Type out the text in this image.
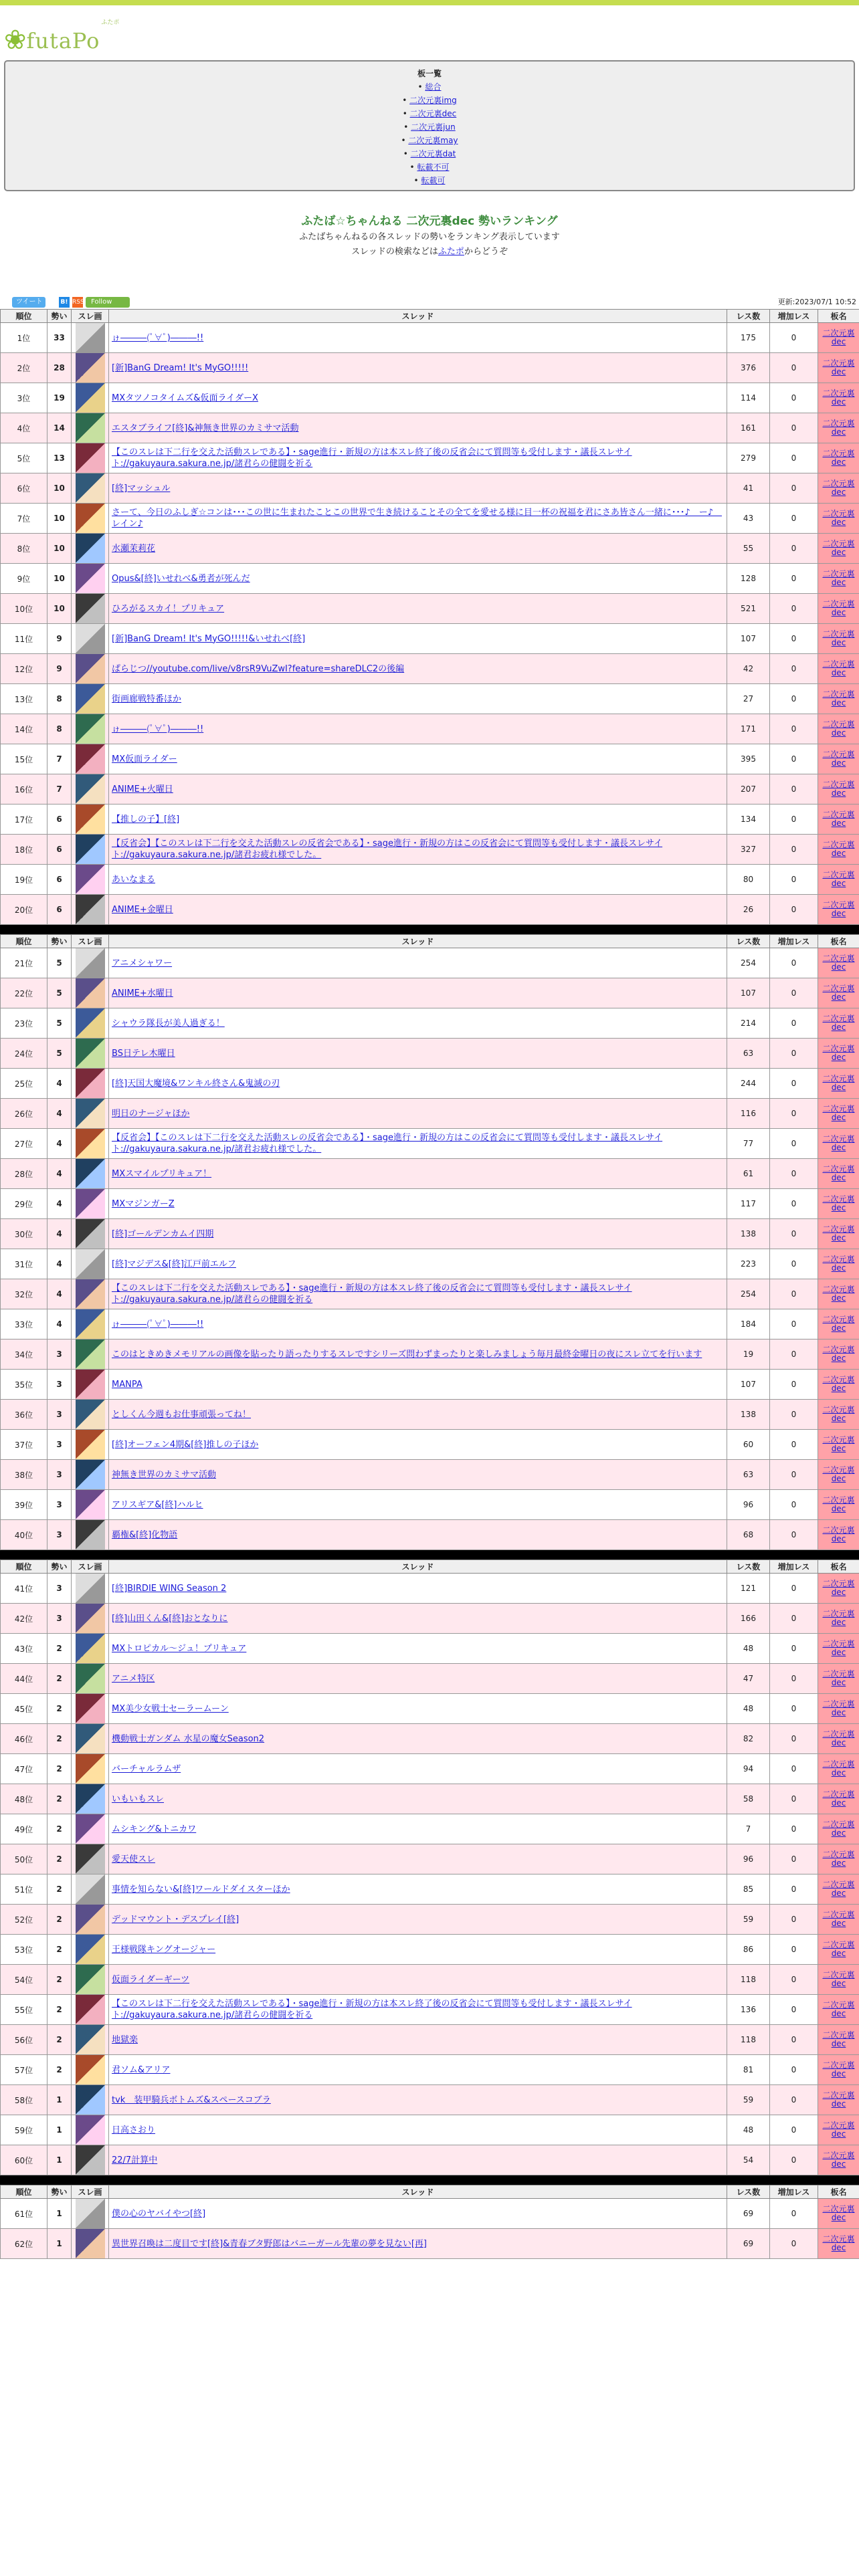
❀ futaPo
ふたポ
板一覧
• 総合
• 二次元裏img
• 二次元裏dec
• 二次元裏jun
• 二次元裏may
• 二次元裏dat
• 転載不可
• 転載可
ふたば☆ちゃんねる 二次元裏dec 勢いランキング
ふたばちゃんねるの各スレッドの勢いをランキング表示しています
スレッドの検索などはふたポからどうぞ
ツイート	B! RSS	Follow	更新:2023/07/1 10:52
順位	勢い	スレ画	スレッド	レス数	増加レス	板名
1位	33		ゖ―――(ﾟ∀ﾟ)―――!!	175	0	二次元裏dec

2位	28		[新]BanG Dream! It's MyGO!!!!!	376	0	二次元裏dec

3位	19		MXタツノコタイムズ&仮面ライダーX	114	0	二次元裏dec

4位	14		エスタブライフ[終]&神無き世界のカミサマ活動	161	0	二次元裏dec

5位	13		【このスレは下二行を交えた活動スレである】・sage進行・新規の方は本スレ終了後の反省会にて質問等も受付します・議長スレサイト://gakuyaura.sakura.ne.jp/諸君らの健闘を祈る	279	0	二次元裏dec

6位	10		[終]マッシュル	41	0	二次元裏dec

7位	10		さーて、今日のふしぎ☆コンは･･･この世に生まれたことこの世界で生き続けることその全てを愛せる様に目一杯の祝福を君にさあ皆さん一緒に･･･♪　ー♪　レイン♪	43	0	二次元裏dec

8位	10		水瀬茉莉花	55	0	二次元裏dec

9位	10		Opus&[終]いせれべ&勇者が死んだ	128	0	二次元裏dec

10位	10		ひろがるスカイ！プリキュア	521	0	二次元裏dec

11位	9		[新]BanG Dream! It's MyGO!!!!!&いせれべ[終]	107	0	二次元裏dec

12位	9		ぱらじつ//youtube.com/live/v8rsR9VuZwI?feature=shareDLC2の後編	42	0	二次元裏dec

13位	8		街画廊戦特番ほか	27	0	二次元裏dec

14位	8		ゖ―――(ﾟ∀ﾟ)―――!!	171	0	二次元裏dec

15位	7		MX仮面ライダー	395	0	二次元裏dec

16位	7		ANIME+火曜日	207	0	二次元裏dec

17位	6		【推しの子】[終]	134	0	二次元裏dec

18位	6		【反省会】【このスレは下二行を交えた活動スレの反省会である】・sage進行・新規の方はこの反省会にて質問等も受付します・議長スレサイト://gakuyaura.sakura.ne.jp/諸君お疲れ様でした。	327	0	二次元裏dec

19位	6		あいなまる	80	0	二次元裏dec

20位	6		ANIME+金曜日	26	0	二次元裏dec
順位	勢い	スレ画	スレッド	レス数	増加レス	板名
21位	5		アニメシャワー	254	0	二次元裏dec

22位	5		ANIME+水曜日	107	0	二次元裏dec

23位	5		シャウラ隊長が美人過ぎる！	214	0	二次元裏dec

24位	5		BS日テレ木曜日	63	0	二次元裏dec

25位	4		[終]天国大魔境&ワンキル終さん&鬼滅の刃	244	0	二次元裏dec

26位	4		明日のナージャほか	116	0	二次元裏dec

27位	4		【反省会】【このスレは下二行を交えた活動スレの反省会である】・sage進行・新規の方はこの反省会にて質問等も受付します・議長スレサイト://gakuyaura.sakura.ne.jp/諸君お疲れ様でした。	77	0	二次元裏dec

28位	4		MXスマイルプリキュア！	61	0	二次元裏dec

29位	4		MXマジンガーZ	117	0	二次元裏dec

30位	4		[終]ゴールデンカムイ四期	138	0	二次元裏dec

31位	4		[終]マジデス&[終]江戸前エルフ	223	0	二次元裏dec

32位	4		【このスレは下二行を交えた活動スレである】・sage進行・新規の方は本スレ終了後の反省会にて質問等も受付します・議長スレサイト://gakuyaura.sakura.ne.jp/諸君らの健闘を祈る	254	0	二次元裏dec

33位	4		ゖ―――(ﾟ∀ﾟ)―――!!	184	0	二次元裏dec

34位	3		このはときめきメモリアルの画像を貼ったり語ったりするスレですシリーズ問わずまったりと楽しみましょう毎月最終金曜日の夜にスレ立てを行います	19	0	二次元裏dec

35位	3		MANPA	107	0	二次元裏dec

36位	3		としくん今週もお仕事頑張ってね！	138	0	二次元裏dec

37位	3		[終]オーフェン4期&[終]推しの子ほか	60	0	二次元裏dec

38位	3		神無き世界のカミサマ活動	63	0	二次元裏dec

39位	3		アリスギア&[終]ハルヒ	96	0	二次元裏dec

40位	3		覇権&[終]化物語	68	0	二次元裏dec
順位	勢い	スレ画	スレッド	レス数	増加レス	板名
41位	3		[終]BIRDIE WING Season 2	121	0	二次元裏dec

42位	3		[終]山田くん&[終]おとなりに	166	0	二次元裏dec

43位	2		MXトロピカル〜ジュ！プリキュア	48	0	二次元裏dec

44位	2		アニメ特区	47	0	二次元裏dec

45位	2		MX美少女戦士セーラームーン	48	0	二次元裏dec

46位	2		機動戦士ガンダム 水星の魔女Season2	82	0	二次元裏dec

47位	2		バーチャルラムザ	94	0	二次元裏dec

48位	2		いもいもスレ	58	0	二次元裏dec

49位	2		ムシキング&トニカワ	7	0	二次元裏dec

50位	2		愛天使スレ	96	0	二次元裏dec

51位	2		事情を知らない&[終]ワールドダイスターほか	85	0	二次元裏dec

52位	2		デッドマウント・デスプレイ[終]	59	0	二次元裏dec

53位	2		王様戦隊キングオージャー	86	0	二次元裏dec

54位	2		仮面ライダーギーツ	118	0	二次元裏dec

55位	2		【このスレは下二行を交えた活動スレである】・sage進行・新規の方は本スレ終了後の反省会にて質問等も受付します・議長スレサイト://gakuyaura.sakura.ne.jp/諸君らの健闘を祈る	136	0	二次元裏dec

56位	2		地獄楽	118	0	二次元裏dec

57位	2		君ソム&アリア	81	0	二次元裏dec

58位	1		tvk　装甲騎兵ボトムズ&スペースコブラ	59	0	二次元裏dec

59位	1		日高さおり	48	0	二次元裏dec

60位	1		22/7計算中	54	0	二次元裏dec
順位	勢い	スレ画	スレッド	レス数	増加レス	板名
61位	1		僕の心のヤバイやつ[終]	69	0	二次元裏dec

62位	1		異世界召喚は二度目です[終]&青春ブタ野郎はバニーガール先輩の夢を見ない[再]	69	0	二次元裏dec
